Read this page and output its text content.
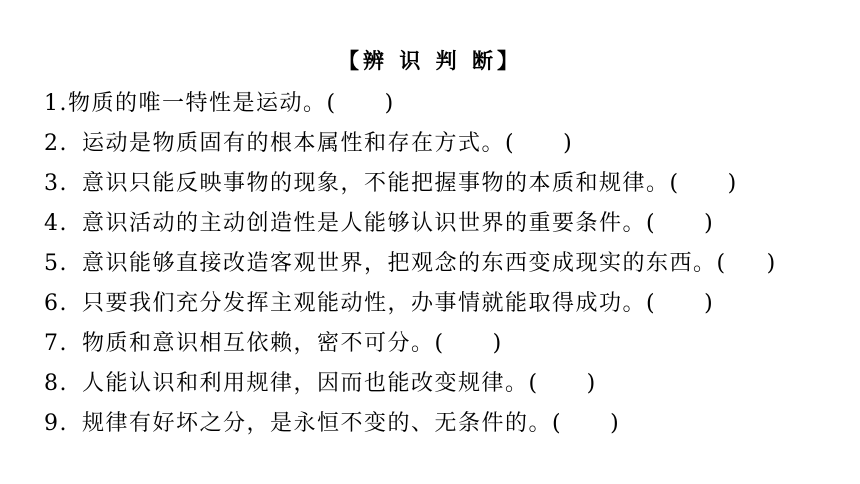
【辨 识 判 断】
1.物质的唯一特性是运动。( )
2. 运动是物质固有的根本属性和存在方式。( )
3. 意识只能反映事物的现象，不能把握事物的本质和规律。( )
4. 意识活动的主动创造性是人能够认识世界的重要条件。( )
5. 意识能够直接改造客观世界，把观念的东西变成现实的东西。( )
6. 只要我们充分发挥主观能动性，办事情就能取得成功。( )
7. 物质和意识相互依赖，密不可分。( )
8. 人能认识和利用规律，因而也能改变规律。( )
9. 规律有好坏之分，是永恒不变的、无条件的。( )
